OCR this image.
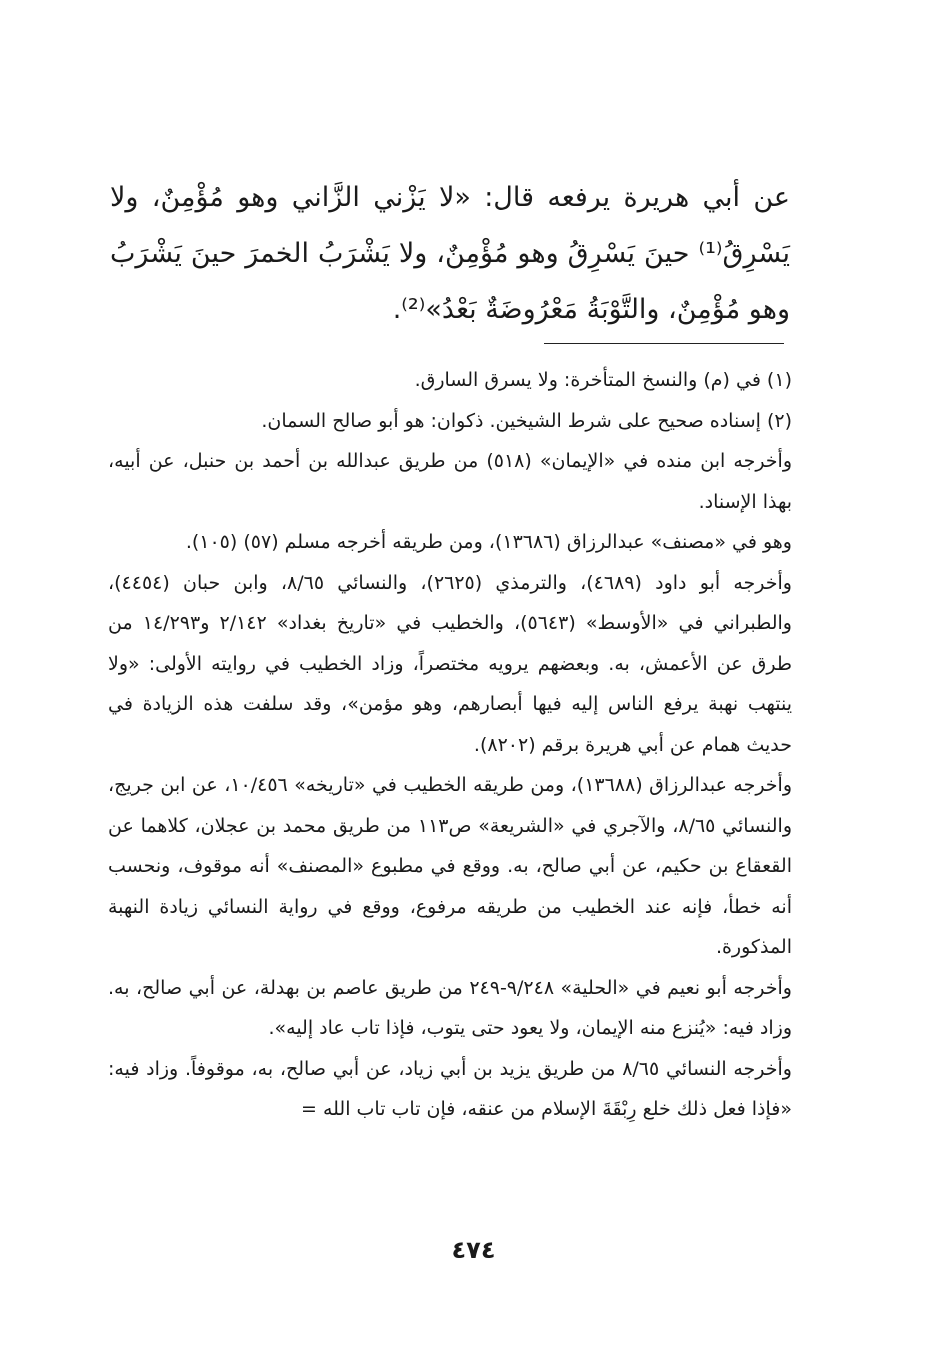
عن أبي هريرة يرفعه قال: «لا يَزْني الزَّاني وهو مُؤْمِنٌ، ولا يَسْرِقُ⁽¹⁾ حينَ يَسْرِقُ وهو مُؤْمِنٌ، ولا يَشْرَبُ الخمرَ حينَ يَشْرَبُ وهو مُؤْمِنٌ، والتَّوْبَةُ مَعْرُوضَةٌ بَعْدُ»⁽²⁾.

(١) في (م) والنسخ المتأخرة: ولا يسرق السارق.

(٢) إسناده صحيح على شرط الشيخين. ذكوان: هو أبو صالح السمان.

وأخرجه ابن منده في «الإيمان» (٥١٨) من طريق عبدالله بن أحمد بن حنبل، عن أبيه، بهذا الإسناد.

وهو في «مصنف» عبدالرزاق (١٣٦٨٦)، ومن طريقه أخرجه مسلم (٥٧) (١٠٥).

وأخرجه أبو داود (٤٦٨٩)، والترمذي (٢٦٢٥)، والنسائي ٨/٦٥، وابن حبان (٤٤٥٤)، والطبراني في «الأوسط» (٥٦٤٣)، والخطيب في «تاريخ بغداد» ٢/١٤٢ و١٤/٢٩٣ من طرق عن الأعمش، به. وبعضهم يرويه مختصراً، وزاد الخطيب في روايته الأولى: «ولا ينتهب نهبة يرفع الناس إليه فيها أبصارهم، وهو مؤمن»، وقد سلفت هذه الزيادة في حديث همام عن أبي هريرة برقم (٨٢٠٢).

وأخرجه عبدالرزاق (١٣٦٨٨)، ومن طريقه الخطيب في «تاريخه» ١٠/٤٥٦، عن ابن جريج، والنسائي ٨/٦٥، والآجري في «الشريعة» ص١١٣ من طريق محمد بن عجلان، كلاهما عن القعقاع بن حكيم، عن أبي صالح، به. ووقع في مطبوع «المصنف» أنه موقوف، ونحسب أنه خطأ، فإنه عند الخطيب من طريقه مرفوع، ووقع في رواية النسائي زيادة النهبة المذكورة.

وأخرجه أبو نعيم في «الحلية» ٩/٢٤٨-٢٤٩ من طريق عاصم بن بهدلة، عن أبي صالح، به. وزاد فيه: «يُنزع منه الإيمان، ولا يعود حتى يتوب، فإذا تاب عاد إليه».

وأخرجه النسائي ٨/٦٥ من طريق يزيد بن أبي زياد، عن أبي صالح، به، موقوفاً. وزاد فيه: «فإذا فعل ذلك خلع رِبْقَةَ الإسلام من عنقه، فإن تاب تاب الله =

٤٧٤
